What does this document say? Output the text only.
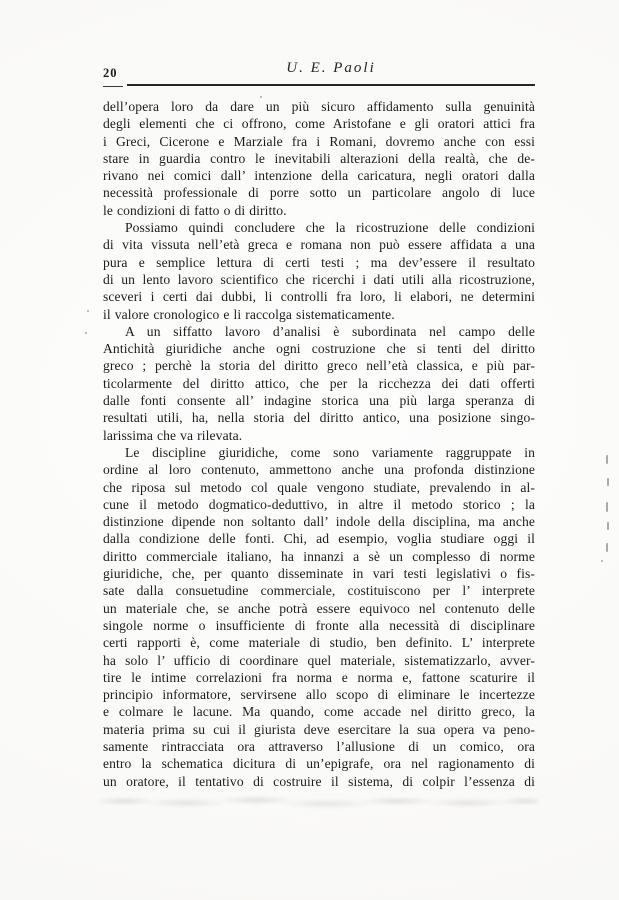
20	U. E. Paoli
dell’opera loro da dare un più sicuro affidamento sulla genuinità
degli elementi che ci offrono, come Aristofane e gli oratori attici fra
i Greci, Cicerone e Marziale fra i Romani, dovremo anche con essi
stare in guardia contro le inevitabili alterazioni della realtà, che de-
rivano nei comici dall’ intenzione della caricatura, negli oratori dalla
necessità professionale di porre sotto un particolare angolo di luce
le condizioni di fatto o di diritto.
Possiamo quindi concludere che la ricostruzione delle condizioni
di vita vissuta nell’età greca e romana non può essere affidata a una
pura e semplice lettura di certi testi ; ma dev’essere il resultato
di un lento lavoro scientifico che ricerchi i dati utili alla ricostruzione,
sceveri i certi dai dubbi, li controlli fra loro, li elabori, ne determini
il valore cronologico e li raccolga sistematicamente.
A un siffatto lavoro d’analisi è subordinata nel campo delle
Antichità giuridiche anche ogni costruzione che si tenti del diritto
greco ; perchè la storia del diritto greco nell’età classica, e più par-
ticolarmente del diritto attico, che per la ricchezza dei dati offerti
dalle fonti consente all’ indagine storica una più larga speranza di
resultati utili, ha, nella storia del diritto antico, una posizione singo-
larissima che va rilevata.
Le discipline giuridiche, come sono variamente raggruppate in
ordine al loro contenuto, ammettono anche una profonda distinzione
che riposa sul metodo col quale vengono studiate, prevalendo in al-
cune il metodo dogmatico-deduttivo, in altre il metodo storico ; la
distinzione dipende non soltanto dall’ indole della disciplina, ma anche
dalla condizione delle fonti. Chi, ad esempio, voglia studiare oggi il
diritto commerciale italiano, ha innanzi a sè un complesso di norme
giuridiche, che, per quanto disseminate in vari testi legislativi o fis-
sate dalla consuetudine commerciale, costituiscono per l’ interprete
un materiale che, se anche potrà essere equivoco nel contenuto delle
singole norme o insufficiente di fronte alla necessità di disciplinare
certi rapporti è, come materiale di studio, ben definito. L’ interprete
ha solo l’ ufficio di coordinare quel materiale, sistematizzarlo, avver-
tire le intime correlazioni fra norma e norma e, fattone scaturire il
principio informatore, servirsene allo scopo di eliminare le incertezze
e colmare le lacune. Ma quando, come accade nel diritto greco, la
materia prima su cui il giurista deve esercitare la sua opera va peno-
samente rintracciata ora attraverso l’allusione di un comico, ora
entro la schematica dicitura di un’epigrafe, ora nel ragionamento di
un oratore, il tentativo di costruire il sistema, di colpir l’essenza di
